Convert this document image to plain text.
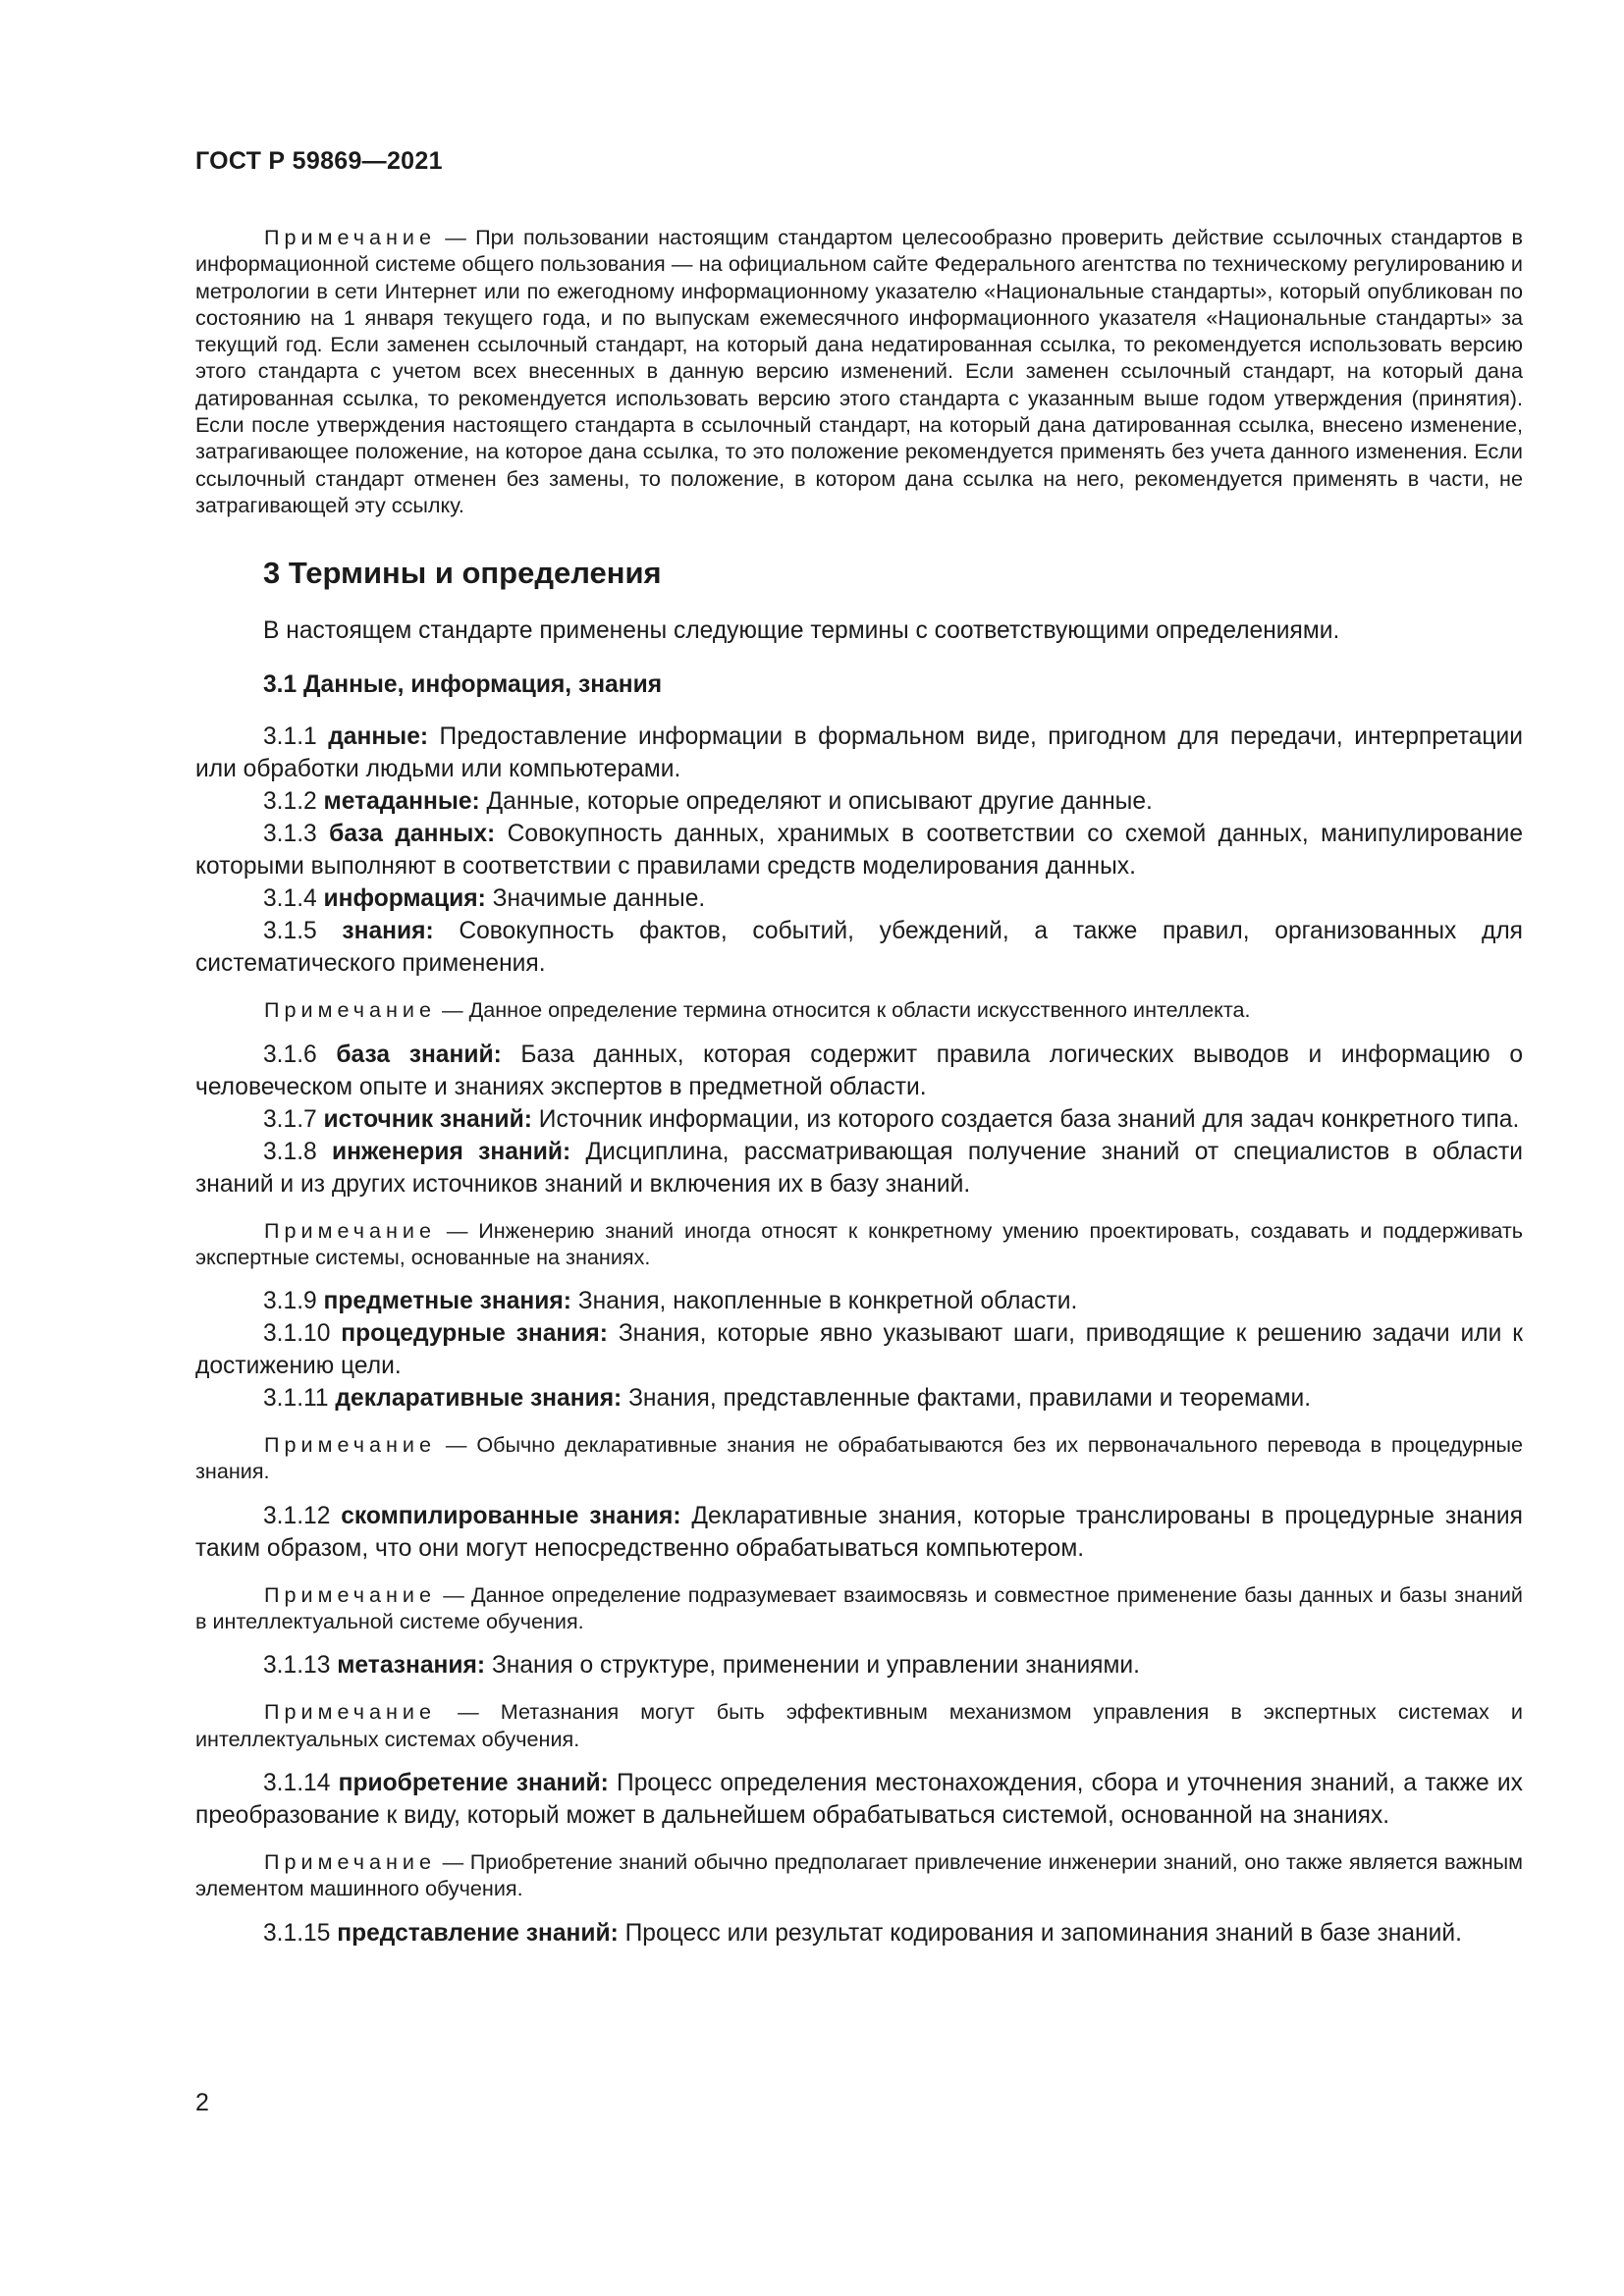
ГОСТ Р 59869—2021

Примечание — При пользовании настоящим стандартом целесообразно проверить действие ссылочных стандартов в информационной системе общего пользования — на официальном сайте Федерального агентства по техническому регулированию и метрологии в сети Интернет или по ежегодному информационному указателю «Национальные стандарты», который опубликован по состоянию на 1 января текущего года, и по выпускам ежемесячного информационного указателя «Национальные стандарты» за текущий год. Если заменен ссылочный стандарт, на который дана недатированная ссылка, то рекомендуется использовать версию этого стандарта с учетом всех внесенных в данную версию изменений. Если заменен ссылочный стандарт, на который дана датированная ссылка, то рекомендуется использовать версию этого стандарта с указанным выше годом утверждения (принятия). Если после утверждения настоящего стандарта в ссылочный стандарт, на который дана датированная ссылка, внесено изменение, затрагивающее положение, на которое дана ссылка, то это положение рекомендуется применять без учета данного изменения. Если ссылочный стандарт отменен без замены, то положение, в котором дана ссылка на него, рекомендуется применять в части, не затрагивающей эту ссылку.

3 Термины и определения

В настоящем стандарте применены следующие термины с соответствующими определениями.

3.1 Данные, информация, знания

3.1.1 данные: Предоставление информации в формальном виде, пригодном для передачи, интерпретации или обработки людьми или компьютерами.

3.1.2 метаданные: Данные, которые определяют и описывают другие данные.

3.1.3 база данных: Совокупность данных, хранимых в соответствии со схемой данных, манипулирование которыми выполняют в соответствии с правилами средств моделирования данных.

3.1.4 информация: Значимые данные.

3.1.5 знания: Совокупность фактов, событий, убеждений, а также правил, организованных для систематического применения.

Примечание — Данное определение термина относится к области искусственного интеллекта.

3.1.6 база знаний: База данных, которая содержит правила логических выводов и информацию о человеческом опыте и знаниях экспертов в предметной области.

3.1.7 источник знаний: Источник информации, из которого создается база знаний для задач конкретного типа.

3.1.8 инженерия знаний: Дисциплина, рассматривающая получение знаний от специалистов в области знаний и из других источников знаний и включения их в базу знаний.

Примечание — Инженерию знаний иногда относят к конкретному умению проектировать, создавать и поддерживать экспертные системы, основанные на знаниях.

3.1.9 предметные знания: Знания, накопленные в конкретной области.

3.1.10 процедурные знания: Знания, которые явно указывают шаги, приводящие к решению задачи или к достижению цели.

3.1.11 декларативные знания: Знания, представленные фактами, правилами и теоремами.

Примечание — Обычно декларативные знания не обрабатываются без их первоначального перевода в процедурные знания.

3.1.12 скомпилированные знания: Декларативные знания, которые транслированы в процедурные знания таким образом, что они могут непосредственно обрабатываться компьютером.

Примечание — Данное определение подразумевает взаимосвязь и совместное применение базы данных и базы знаний в интеллектуальной системе обучения.

3.1.13 метазнания: Знания о структуре, применении и управлении знаниями.

Примечание — Метазнания могут быть эффективным механизмом управления в экспертных системах и интеллектуальных системах обучения.

3.1.14 приобретение знаний: Процесс определения местонахождения, сбора и уточнения знаний, а также их преобразование к виду, который может в дальнейшем обрабатываться системой, основанной на знаниях.

Примечание — Приобретение знаний обычно предполагает привлечение инженерии знаний, оно также является важным элементом машинного обучения.

3.1.15 представление знаний: Процесс или результат кодирования и запоминания знаний в базе знаний.

2
